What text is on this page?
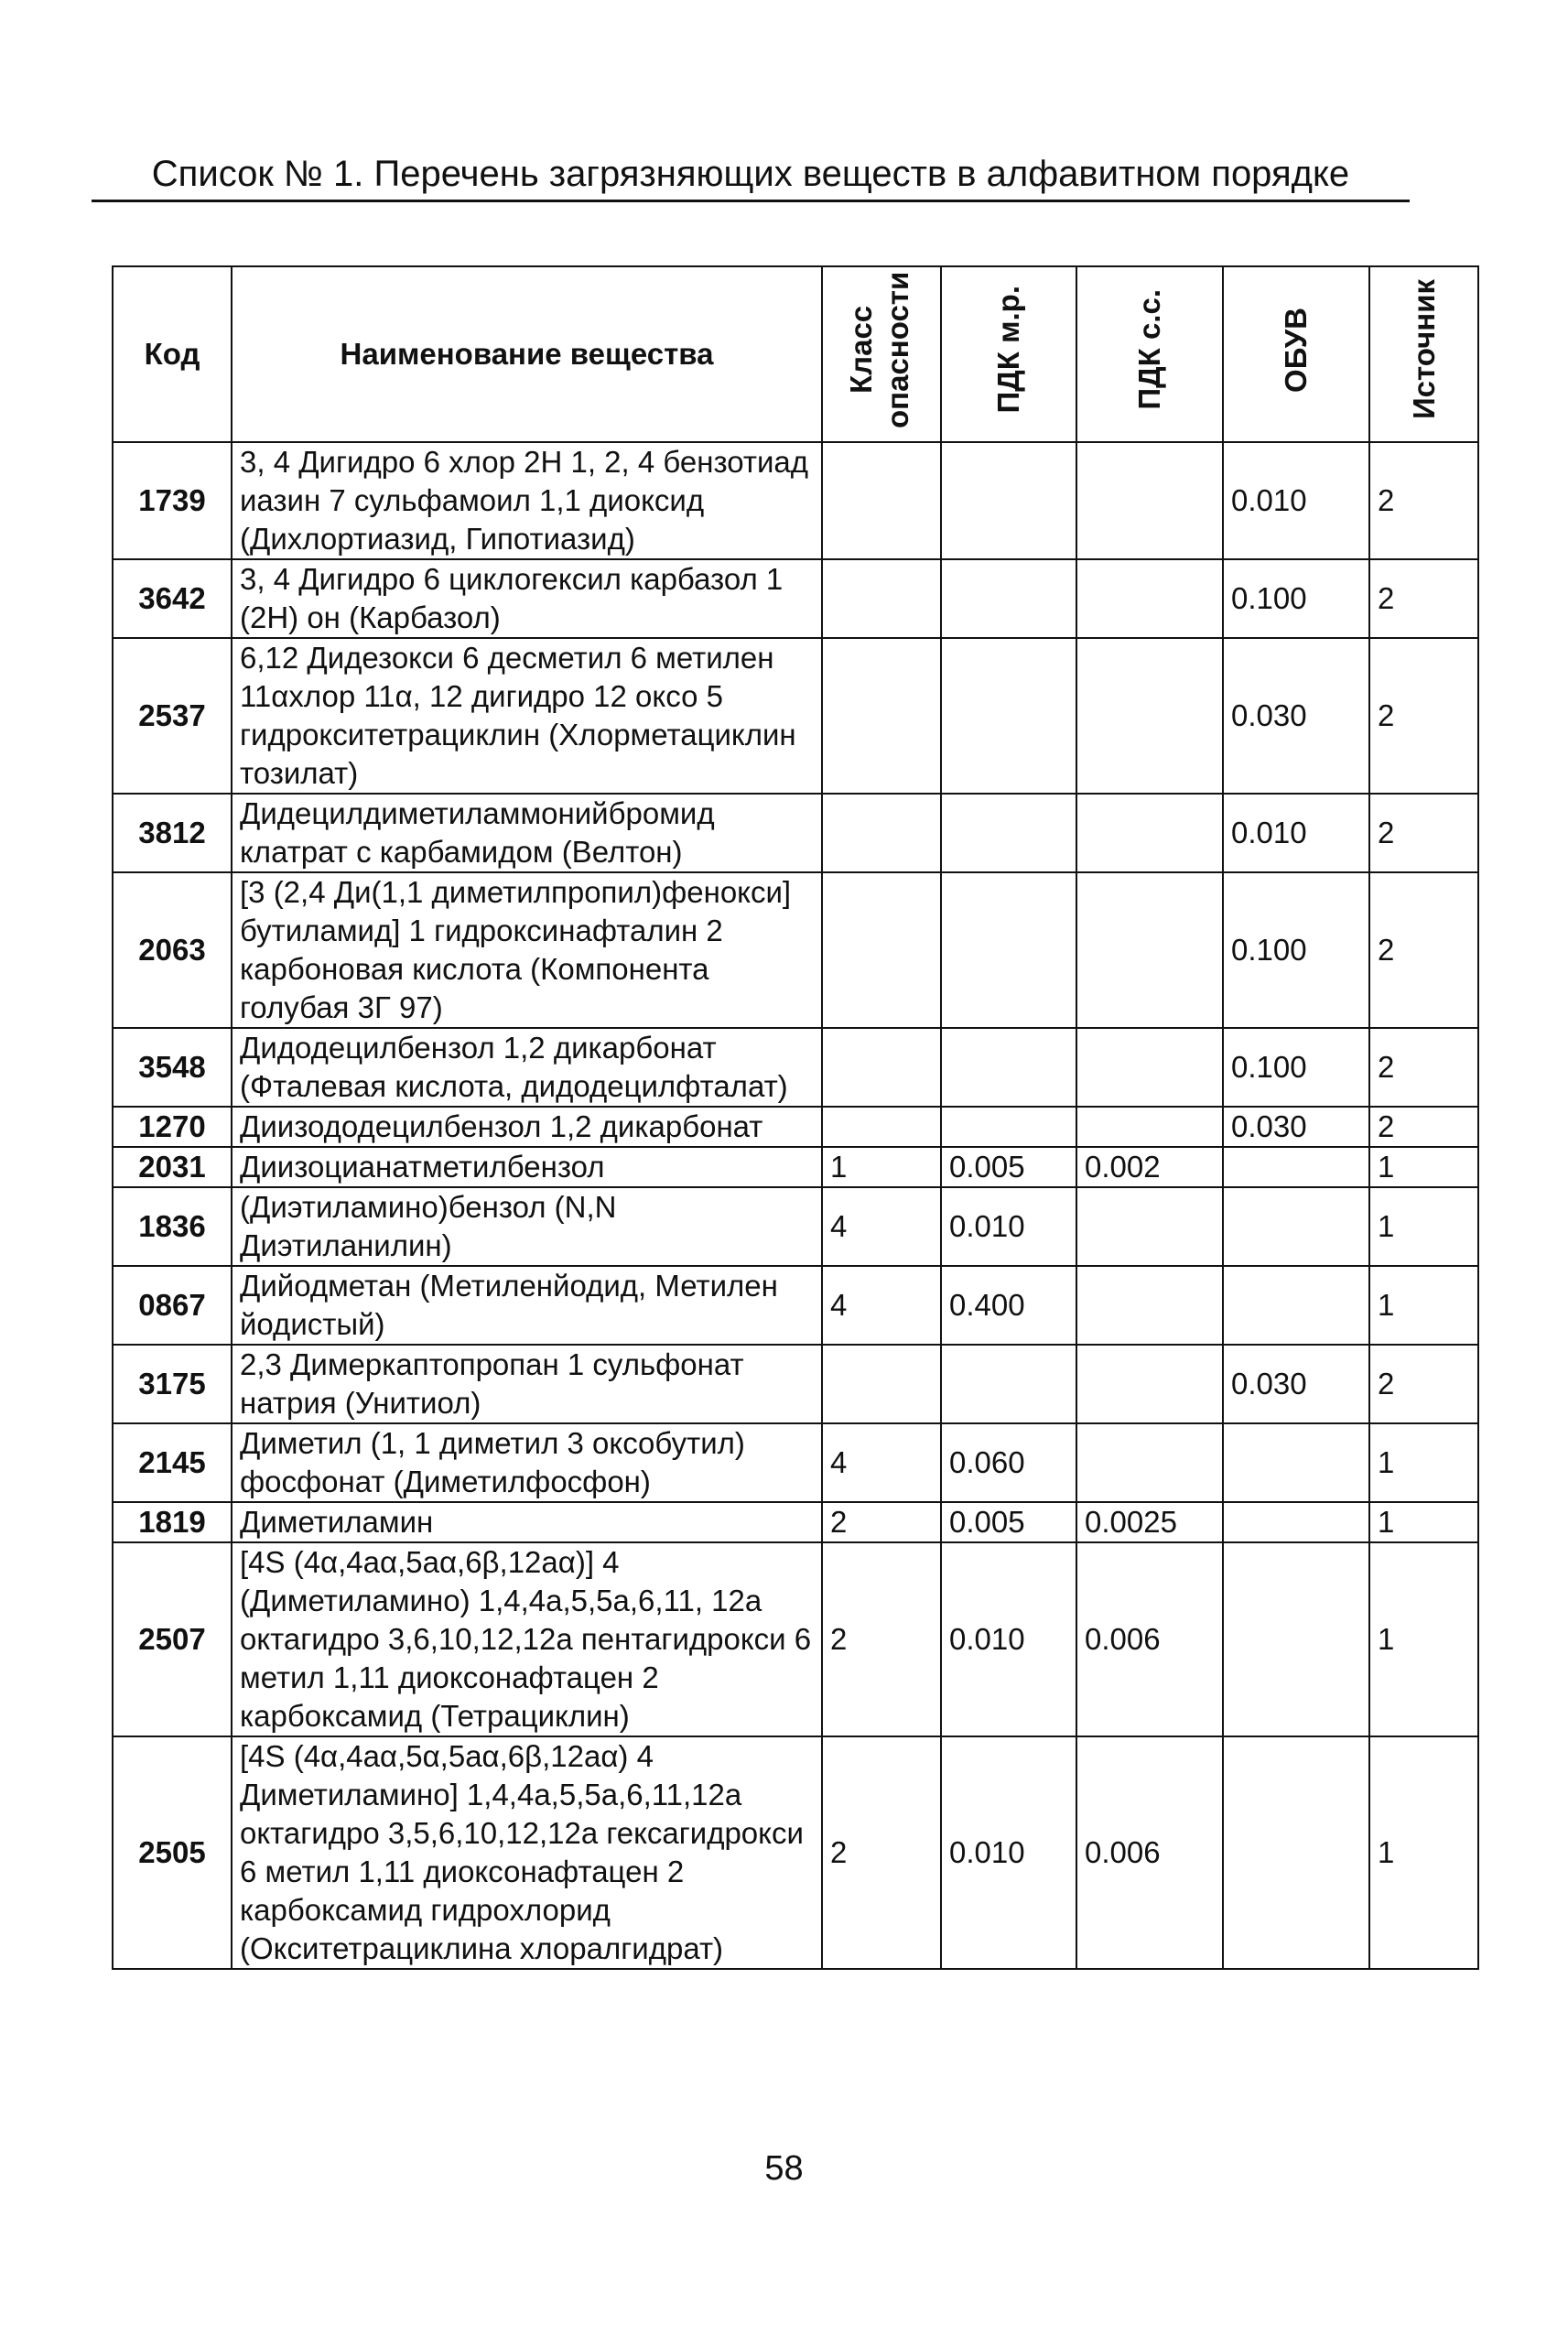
Список № 1. Перечень загрязняющих веществ в алфавитном порядке
Код	Наименование вещества	Класс опасности	ПДК м.р.	ПДК с.с.	ОБУВ	Источник
1739	3, 4 Дигидро 6 хлор 2H 1, 2, 4 бензотиад иазин 7 сульфамоил 1,1 диоксид (Дихлортиазид, Гипотиазид)				0.010	2
3642	3, 4 Дигидро 6 циклогексил карбазол 1 (2H) он (Карбазол)				0.100	2
2537	6,12 Дидезокси 6 десметил 6 метилен 11αхлор 11α, 12 дигидро 12 оксо 5 гидрокситетрациклин (Хлорметациклин тозилат)				0.030	2
3812	Дидецилдиметиламмонийбромид клатрат с карбамидом (Велтон)				0.010	2
2063	[3 (2,4 Ди(1,1 диметилпропил)фенокси] бутиламид] 1 гидроксинафталин 2 карбоновая кислота (Компонента голубая 3Г 97)				0.100	2
3548	Дидодецилбензол 1,2 дикарбонат (Фталевая кислота, дидодецилфталат)				0.100	2
1270	Диизододецилбензол 1,2 дикарбонат				0.030	2
2031	Диизоцианатметилбензол	1	0.005	0.002		1
1836	(Диэтиламино)бензол (N,N Диэтиланилин)	4	0.010			1
0867	Дийодметан (Метиленйодид, Метилен йодистый)	4	0.400			1
3175	2,3 Димеркаптопропан 1 сульфонат натрия (Унитиол)				0.030	2
2145	Диметил (1, 1 диметил 3 оксобутил) фосфонат (Диметилфосфон)	4	0.060			1
1819	Диметиламин	2	0.005	0.0025		1
2507	[4S (4α,4aα,5aα,6β,12aα)] 4 (Диметиламино) 1,4,4a,5,5a,6,11, 12a октагидро 3,6,10,12,12a пентагидрокси 6 метил 1,11 диоксонафтацен 2 карбоксамид (Тетрациклин)	2	0.010	0.006		1
2505	[4S (4α,4aα,5α,5aα,6β,12aα) 4 Диметиламино] 1,4,4a,5,5a,6,11,12a октагидро 3,5,6,10,12,12a гексагидрокси 6 метил 1,11 диоксонафтацен 2 карбоксамид гидрохлорид (Окситетрациклина хлоралгидрат)	2	0.010	0.006		1
58
